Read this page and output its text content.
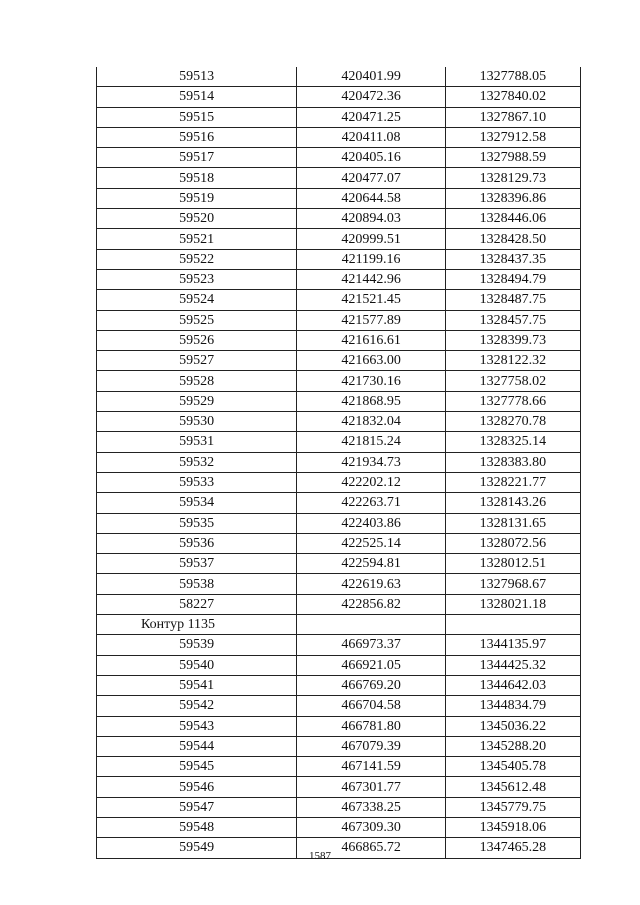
59513	420401.99	1327788.05
59514	420472.36	1327840.02
59515	420471.25	1327867.10
59516	420411.08	1327912.58
59517	420405.16	1327988.59
59518	420477.07	1328129.73
59519	420644.58	1328396.86
59520	420894.03	1328446.06
59521	420999.51	1328428.50
59522	421199.16	1328437.35
59523	421442.96	1328494.79
59524	421521.45	1328487.75
59525	421577.89	1328457.75
59526	421616.61	1328399.73
59527	421663.00	1328122.32
59528	421730.16	1327758.02
59529	421868.95	1327778.66
59530	421832.04	1328270.78
59531	421815.24	1328325.14
59532	421934.73	1328383.80
59533	422202.12	1328221.77
59534	422263.71	1328143.26
59535	422403.86	1328131.65
59536	422525.14	1328072.56
59537	422594.81	1328012.51
59538	422619.63	1327968.67
58227	422856.82	1328021.18
Контур 1135		
59539	466973.37	1344135.97
59540	466921.05	1344425.32
59541	466769.20	1344642.03
59542	466704.58	1344834.79
59543	466781.80	1345036.22
59544	467079.39	1345288.20
59545	467141.59	1345405.78
59546	467301.77	1345612.48
59547	467338.25	1345779.75
59548	467309.30	1345918.06
59549	466865.72	1347465.28
1587
